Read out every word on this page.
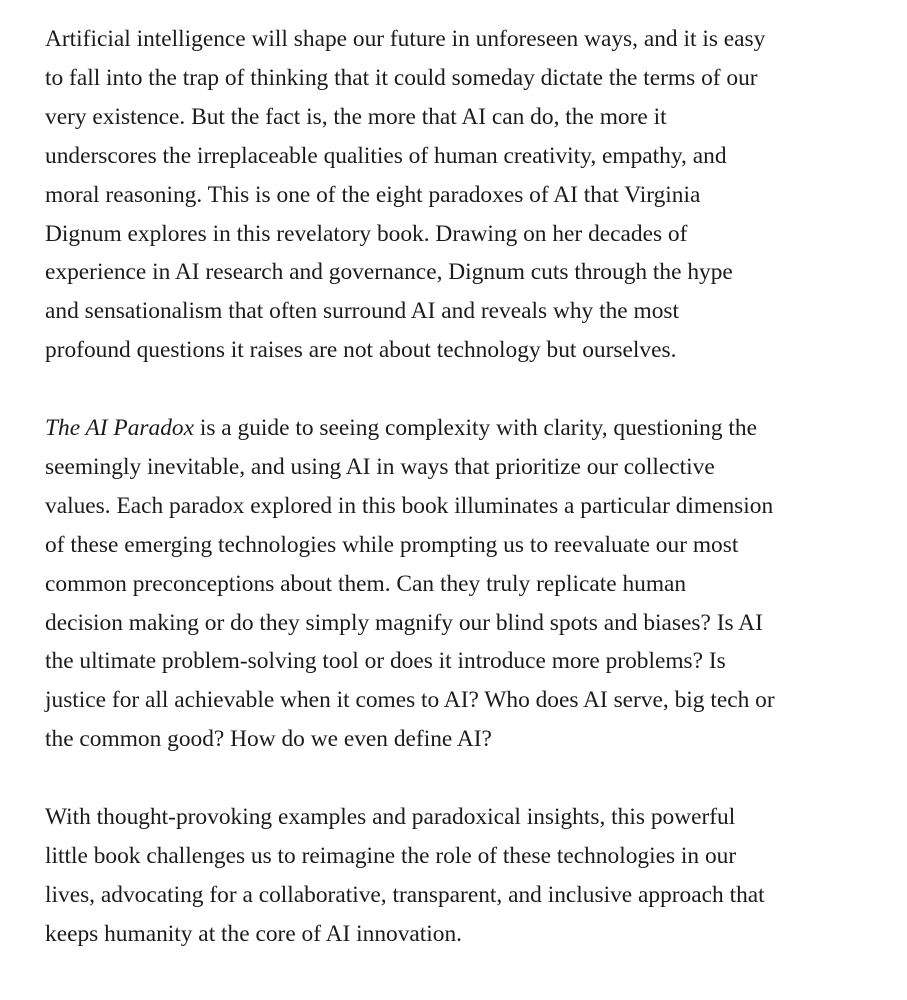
Artificial intelligence will shape our future in unforeseen ways, and it is easy
to fall into the trap of thinking that it could someday dictate the terms of our
very existence. But the fact is, the more that AI can do, the more it
underscores the irreplaceable qualities of human creativity, empathy, and
moral reasoning. This is one of the eight paradoxes of AI that Virginia
Dignum explores in this revelatory book. Drawing on her decades of
experience in AI research and governance, Dignum cuts through the hype
and sensationalism that often surround AI and reveals why the most
profound questions it raises are not about technology but ourselves.

The AI Paradox is a guide to seeing complexity with clarity, questioning the
seemingly inevitable, and using AI in ways that prioritize our collective
values. Each paradox explored in this book illuminates a particular dimension
of these emerging technologies while prompting us to reevaluate our most
common preconceptions about them. Can they truly replicate human
decision making or do they simply magnify our blind spots and biases? Is AI
the ultimate problem-solving tool or does it introduce more problems? Is
justice for all achievable when it comes to AI? Who does AI serve, big tech or
the common good? How do we even define AI?

With thought-provoking examples and paradoxical insights, this powerful
little book challenges us to reimagine the role of these technologies in our
lives, advocating for a collaborative, transparent, and inclusive approach that
keeps humanity at the core of AI innovation.
